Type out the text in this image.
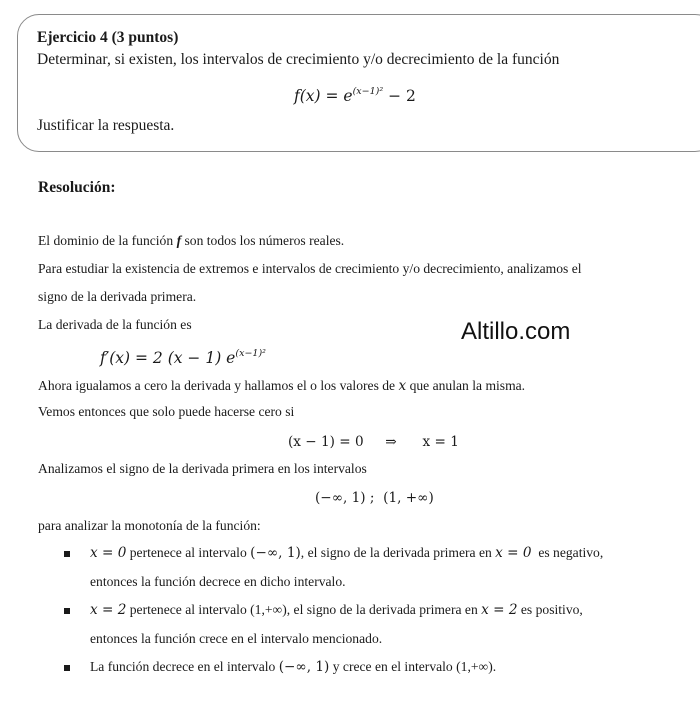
Ejercicio 4 (3 puntos)
Determinar, si existen, los intervalos de crecimiento y/o decrecimiento de la función
$f(x) = e^{(x-1)^2} - 2$
Justificar la respuesta.
Resolución:
El dominio de la función f son todos los números reales.
Para estudiar la existencia de extremos e intervalos de crecimiento y/o decrecimiento, analizamos el
signo de la derivada primera.
La derivada de la función es
f′(x) = 2 (x − 1) $e^{(x-1)^2}$
Ahora igualamos a cero la derivada y hallamos el o los valores de x que anulan la misma.
Vemos entonces que solo puede hacerse cero si
(x − 1) = 0     ⇒      x = 1
Analizamos el signo de la derivada primera en los intervalos
(−∞, 1) ;  (1, +∞)
para analizar la monotonía de la función:
x = 0 pertenece al intervalo (−∞, 1), el signo de la derivada primera en x = 0  es negativo,
entonces la función decrece en dicho intervalo.
x = 2 pertenece al intervalo (1,+∞), el signo de la derivada primera en x = 2 es positivo,
entonces la función crece en el intervalo mencionado.
La función decrece en el intervalo (−∞, 1) y crece en el intervalo (1,+∞).
Altillo.com
